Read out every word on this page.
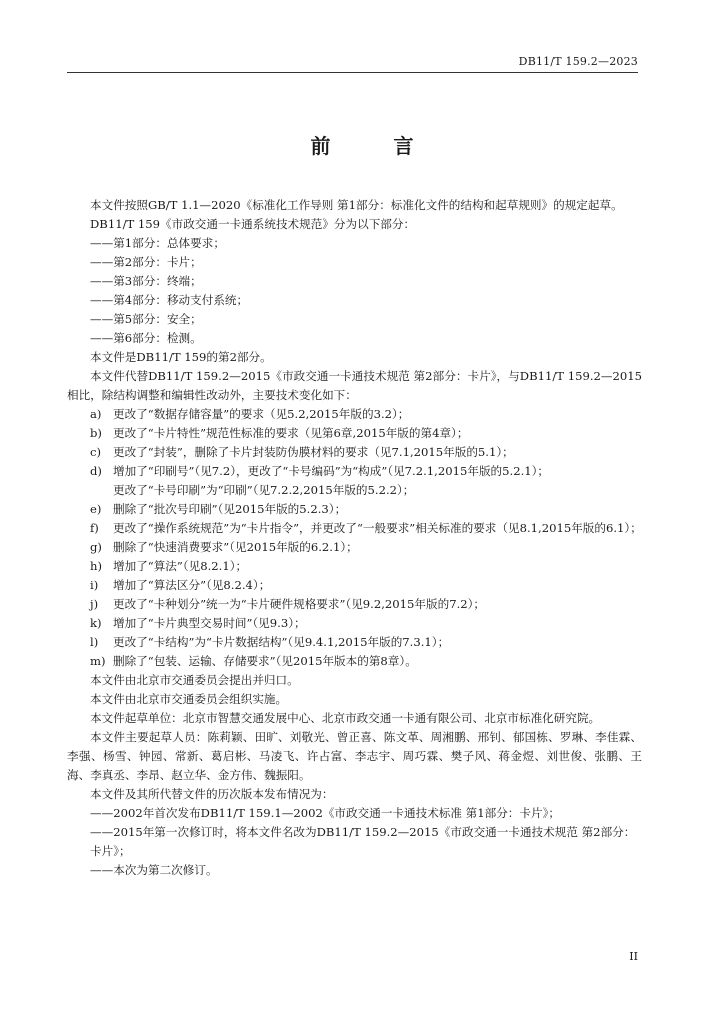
DB11/T 159.2—2023
前 言
本文件按照GB/T 1.1—2020《标准化工作导则 第1部分：标准化文件的结构和起草规则》的规定起草。
DB11/T 159《市政交通一卡通系统技术规范》分为以下部分：
——第1部分：总体要求；
——第2部分：卡片；
——第3部分：终端；
——第4部分：移动支付系统；
——第5部分：安全；
——第6部分：检测。
本文件是DB11/T 159的第2部分。
本文件代替DB11/T 159.2—2015《市政交通一卡通技术规范 第2部分：卡片》，与DB11/T 159.2—2015相比，除结构调整和编辑性改动外，主要技术变化如下：
a) 更改了“数据存储容量”的要求（见5.2,2015年版的3.2）；
b) 更改了“卡片特性”规范性标准的要求（见第6章,2015年版的第4章）；
c)	更改了“封装”，删除了卡片封装防伪膜材料的要求（见7.1,2015年版的5.1）；
d) 增加了“印刷号”（见7.2），更改了“卡号编码”为“构成”（见7.2.1,2015年版的5.2.1）；
更改了“卡号印刷”为“印刷”（见7.2.2,2015年版的5.2.2）；
e)	删除了“批次号印刷”（见2015年版的5.2.3）；
f)	更改了“操作系统规范”为“卡片指令”，并更改了“一般要求”相关标准的要求（见8.1,2015年版的6.1）；
g) 删除了“快速消费要求”（见2015年版的6.2.1）；
h) 增加了“算法”（见8.2.1）；
i)	增加了“算法区分”（见8.2.4）；
j)	更改了“卡种划分”统一为“卡片硬件规格要求”（见9.2,2015年版的7.2）；
k) 增加了“卡片典型交易时间”（见9.3）；
l)	更改了“卡结构”为“卡片数据结构”（见9.4.1,2015年版的7.3.1）；
m) 删除了“包装、运输、存储要求”（见2015年版本的第8章）。
本文件由北京市交通委员会提出并归口。
本文件由北京市交通委员会组织实施。
本文件起草单位：北京市智慧交通发展中心、北京市政交通一卡通有限公司、北京市标准化研究院。
本文件主要起草人员：陈莉颖、田旷、刘敬光、曾正喜、陈文革、周湘鹏、邢钊、郁国栋、罗琳、李佳霖、李强、杨雪、钟园、常新、葛启彬、马凌飞、许占富、李志宇、周巧霖、樊子风、蒋金煜、刘世俊、张鹏、王海、李真丞、李昂、赵立华、金方伟、魏振阳。
本文件及其所代替文件的历次版本发布情况为：
——2002年首次发布DB11/T 159.1—2002《市政交通一卡通技术标准 第1部分：卡片》；
——2015年第一次修订时，将本文件名改为DB11/T 159.2—2015《市政交通一卡通技术规范 第2部分：卡片》；
——本次为第二次修订。
II
